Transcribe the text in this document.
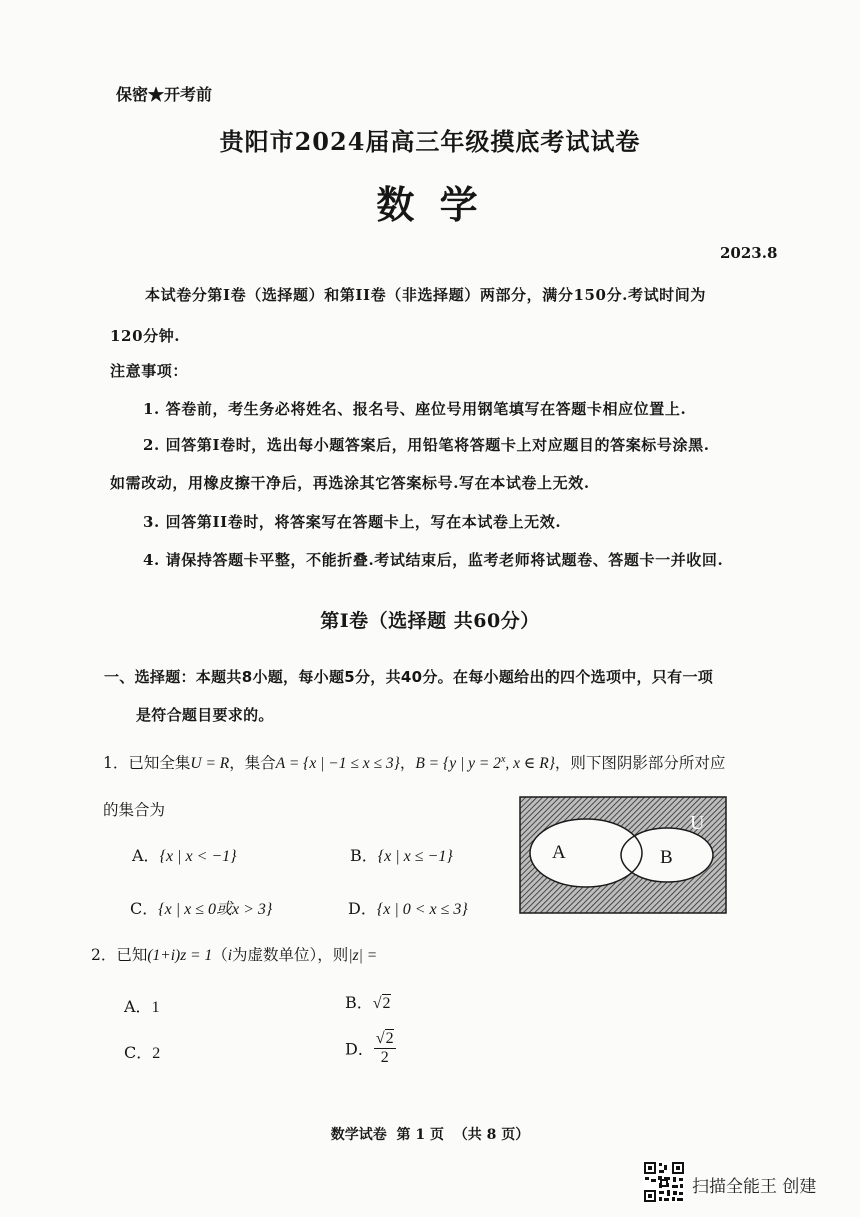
保密★开考前
贵阳市2024届高三年级摸底考试试卷
数 学
2023.8
本试卷分第I卷（选择题）和第II卷（非选择题）两部分，满分150分.考试时间为
120分钟.
注意事项：
1. 答卷前，考生务必将姓名、报名号、座位号用钢笔填写在答题卡相应位置上.
2. 回答第I卷时，选出每小题答案后，用铅笔将答题卡上对应题目的答案标号涂黑.
如需改动，用橡皮擦干净后，再选涂其它答案标号.写在本试卷上无效.
3. 回答第II卷时，将答案写在答题卡上，写在本试卷上无效.
4. 请保持答题卡平整，不能折叠.考试结束后，监考老师将试题卷、答题卡一并收回.
第I卷（选择题 共60分）
一、选择题：本题共8小题，每小题5分，共40分。在每小题给出的四个选项中，只有一项
是符合题目要求的。
1．已知全集U = R，集合A = {x | −1 ≤ x ≤ 3}，B = {y | $y = 2^x$, x ∈ R}，则下图阴影部分所对应
的集合为
A．{x | x < −1}	B．{x | x ≤ −1}
C．{x | x ≤ 0或x > 3}	D．{x | 0 < x ≤ 3}
U
A	B
2．已知(1+i)z = 1（i为虚数单位），则|z| =
A．1	B．√2
C．2	D． $\frac{√2}{2}$
数学试卷  第 1 页  （共 8 页）
扫描全能王 创建
